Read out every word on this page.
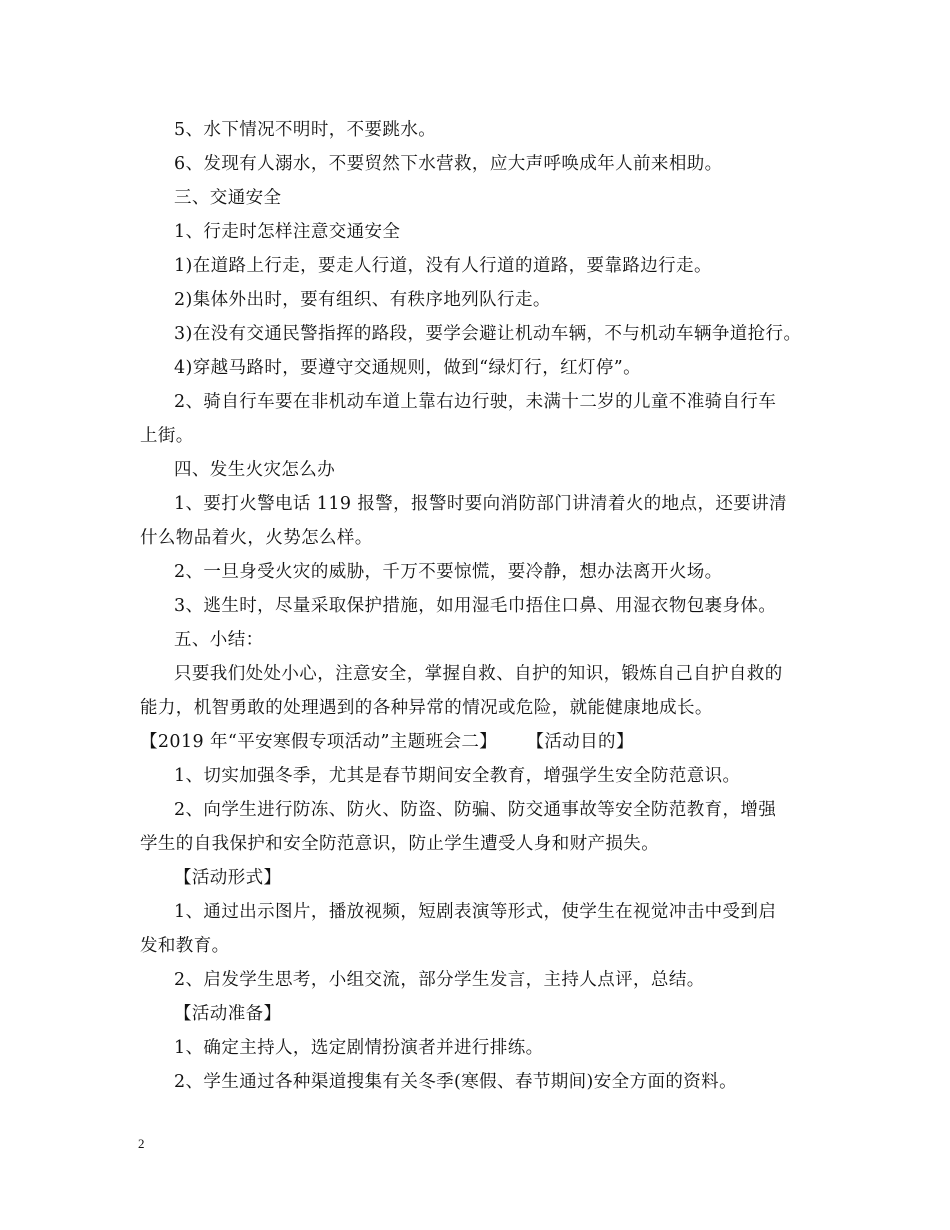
5、水下情况不明时，不要跳水。
6、发现有人溺水，不要贸然下水营救，应大声呼唤成年人前来相助。
三、交通安全
1、行走时怎样注意交通安全
1)在道路上行走，要走人行道，没有人行道的道路，要靠路边行走。
2)集体外出时，要有组织、有秩序地列队行走。
3)在没有交通民警指挥的路段，要学会避让机动车辆，不与机动车辆争道抢行。
4)穿越马路时，要遵守交通规则，做到“绿灯行，红灯停”。
2、骑自行车要在非机动车道上靠右边行驶，未满十二岁的儿童不准骑自行车
上街。
四、发生火灾怎么办
1、要打火警电话 119 报警，报警时要向消防部门讲清着火的地点，还要讲清
什么物品着火，火势怎么样。
2、一旦身受火灾的威胁，千万不要惊慌，要冷静，想办法离开火场。
3、逃生时，尽量采取保护措施，如用湿毛巾捂住口鼻、用湿衣物包裹身体。
五、小结：
只要我们处处小心，注意安全，掌握自救、自护的知识，锻炼自己自护自救的
能力，机智勇敢的处理遇到的各种异常的情况或危险，就能健康地成长。
【2019 年“平安寒假专项活动”主题班会二】 【活动目的】
1、切实加强冬季，尤其是春节期间安全教育，增强学生安全防范意识。
2、向学生进行防冻、防火、防盗、防骗、防交通事故等安全防范教育，增强
学生的自我保护和安全防范意识，防止学生遭受人身和财产损失。
【活动形式】
1、通过出示图片，播放视频，短剧表演等形式，使学生在视觉冲击中受到启
发和教育。
2、启发学生思考，小组交流，部分学生发言，主持人点评，总结。
【活动准备】
1、确定主持人，选定剧情扮演者并进行排练。
2、学生通过各种渠道搜集有关冬季(寒假、春节期间)安全方面的资料。
2
